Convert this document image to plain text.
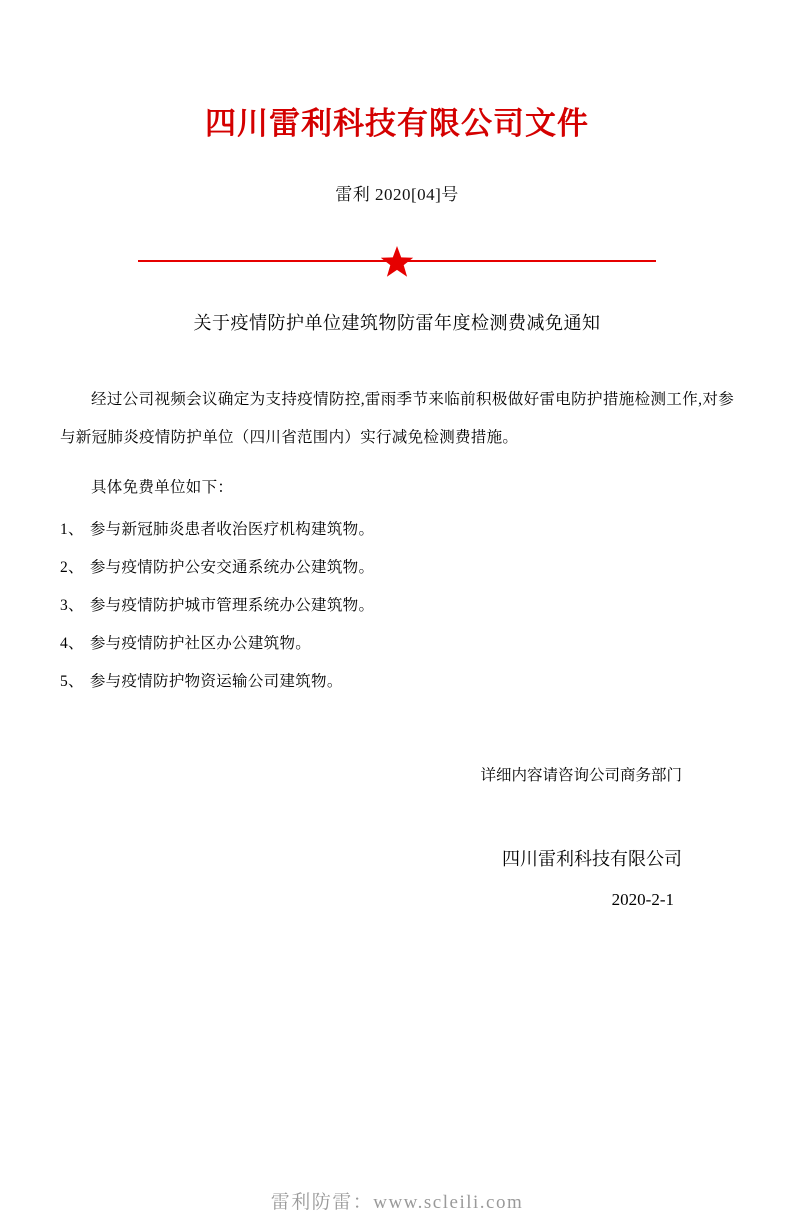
四川雷利科技有限公司文件
雷利 2020[04]号
关于疫情防护单位建筑物防雷年度检测费减免通知

经过公司视频会议确定为支持疫情防控,雷雨季节来临前积极做好雷电防护措施检测工作,对参与新冠肺炎疫情防护单位（四川省范围内）实行减免检测费措施。

具体免费单位如下：

1、 参与新冠肺炎患者收治医疗机构建筑物。
2、 参与疫情防护公安交通系统办公建筑物。
3、 参与疫情防护城市管理系统办公建筑物。
4、 参与疫情防护社区办公建筑物。
5、 参与疫情防护物资运输公司建筑物。
详细内容请咨询公司商务部门
四川雷利科技有限公司
2020-2-1
雷利防雷：www.scleili.com
